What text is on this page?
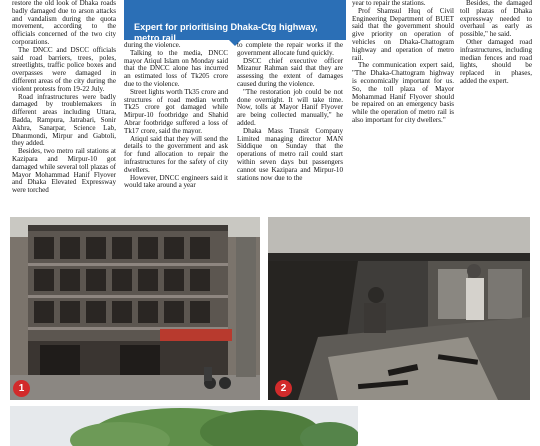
restore the old look of Dhaka roads badly damaged due to arson attacks and vandalism during the quota movement, according to the officials concerned of the two city corporations.

The DNCC and DSCC officials said road barriers, trees, poles, streetlights, traffic police boxes and overpasses were damaged in different areas of the city during the violent protests from 19-22 July.

Road infrastructures were badly damaged by troublemakers in different areas including Uttara, Badda, Rampura, Jatrabari, Sonir Akhra, Sanarpar, Science Lab, Dhanmondi, Mirpur and Gabtoli, they added.

Besides, two metro rail stations at Kazipara and Mirpur-10 got damaged while several toll plazas of Mayor Mohammad Hanif Flyover and Dhaka Elevated Expressway were torched

Expert for prioritising Dhaka-Ctg highway, metro rail

during the violence.

Talking to the media, DNCC mayor Atiqul Islam on Monday said that the DNCC alone has incurred an estimated loss of Tk205 crore due to the violence.

Street lights worth Tk35 crore and structures of road median worth Tk25 crore got damaged while Mirpur-10 footbridge and Shahid Abrar footbridge suffered a loss of Tk17 crore, said the mayor.

Atiqul said that they will send the details to the government and ask for fund allocation to repair the infrastructures for the safety of city dwellers.

However, DNCC engineers said it would take around a year

to complete the repair works if the government allocate fund quickly.

DSCC chief executive officer Mizanur Rahman said that they are assessing the extent of damages caused during the violence.

"The restoration job could be not done overnight. It will take time. Now, tolls at Mayor Hanif Flyover are being collected manually," he added.

Dhaka Mass Transit Company Limited managing director MAN Siddique on Sunday that the operations of metro rail could start within seven days but passengers cannot use Kazipara and Mirpur-10 stations now due to the

year to repair the stations.

Prof Shamsul Huq of Civil Engineering Department of BUET said that the government should give priority on operation of vehicles on Dhaka-Chattogram highway and operation of metro rail.

The communication expert said, "The Dhaka-Chattogram highway is economically important for us. So, the toll plaza of Mayor Mohammad Hanif Flyover should be repaired on an emergency basis while the operation of metro rail is also important for city dwellers."

Besides, the damaged toll plazas of Dhaka expressway needed to overhaul as early as possible," he said.

Other damaged road infrastructures, including median fences and road lights, should be replaced in phases, added the expert.

1	2
